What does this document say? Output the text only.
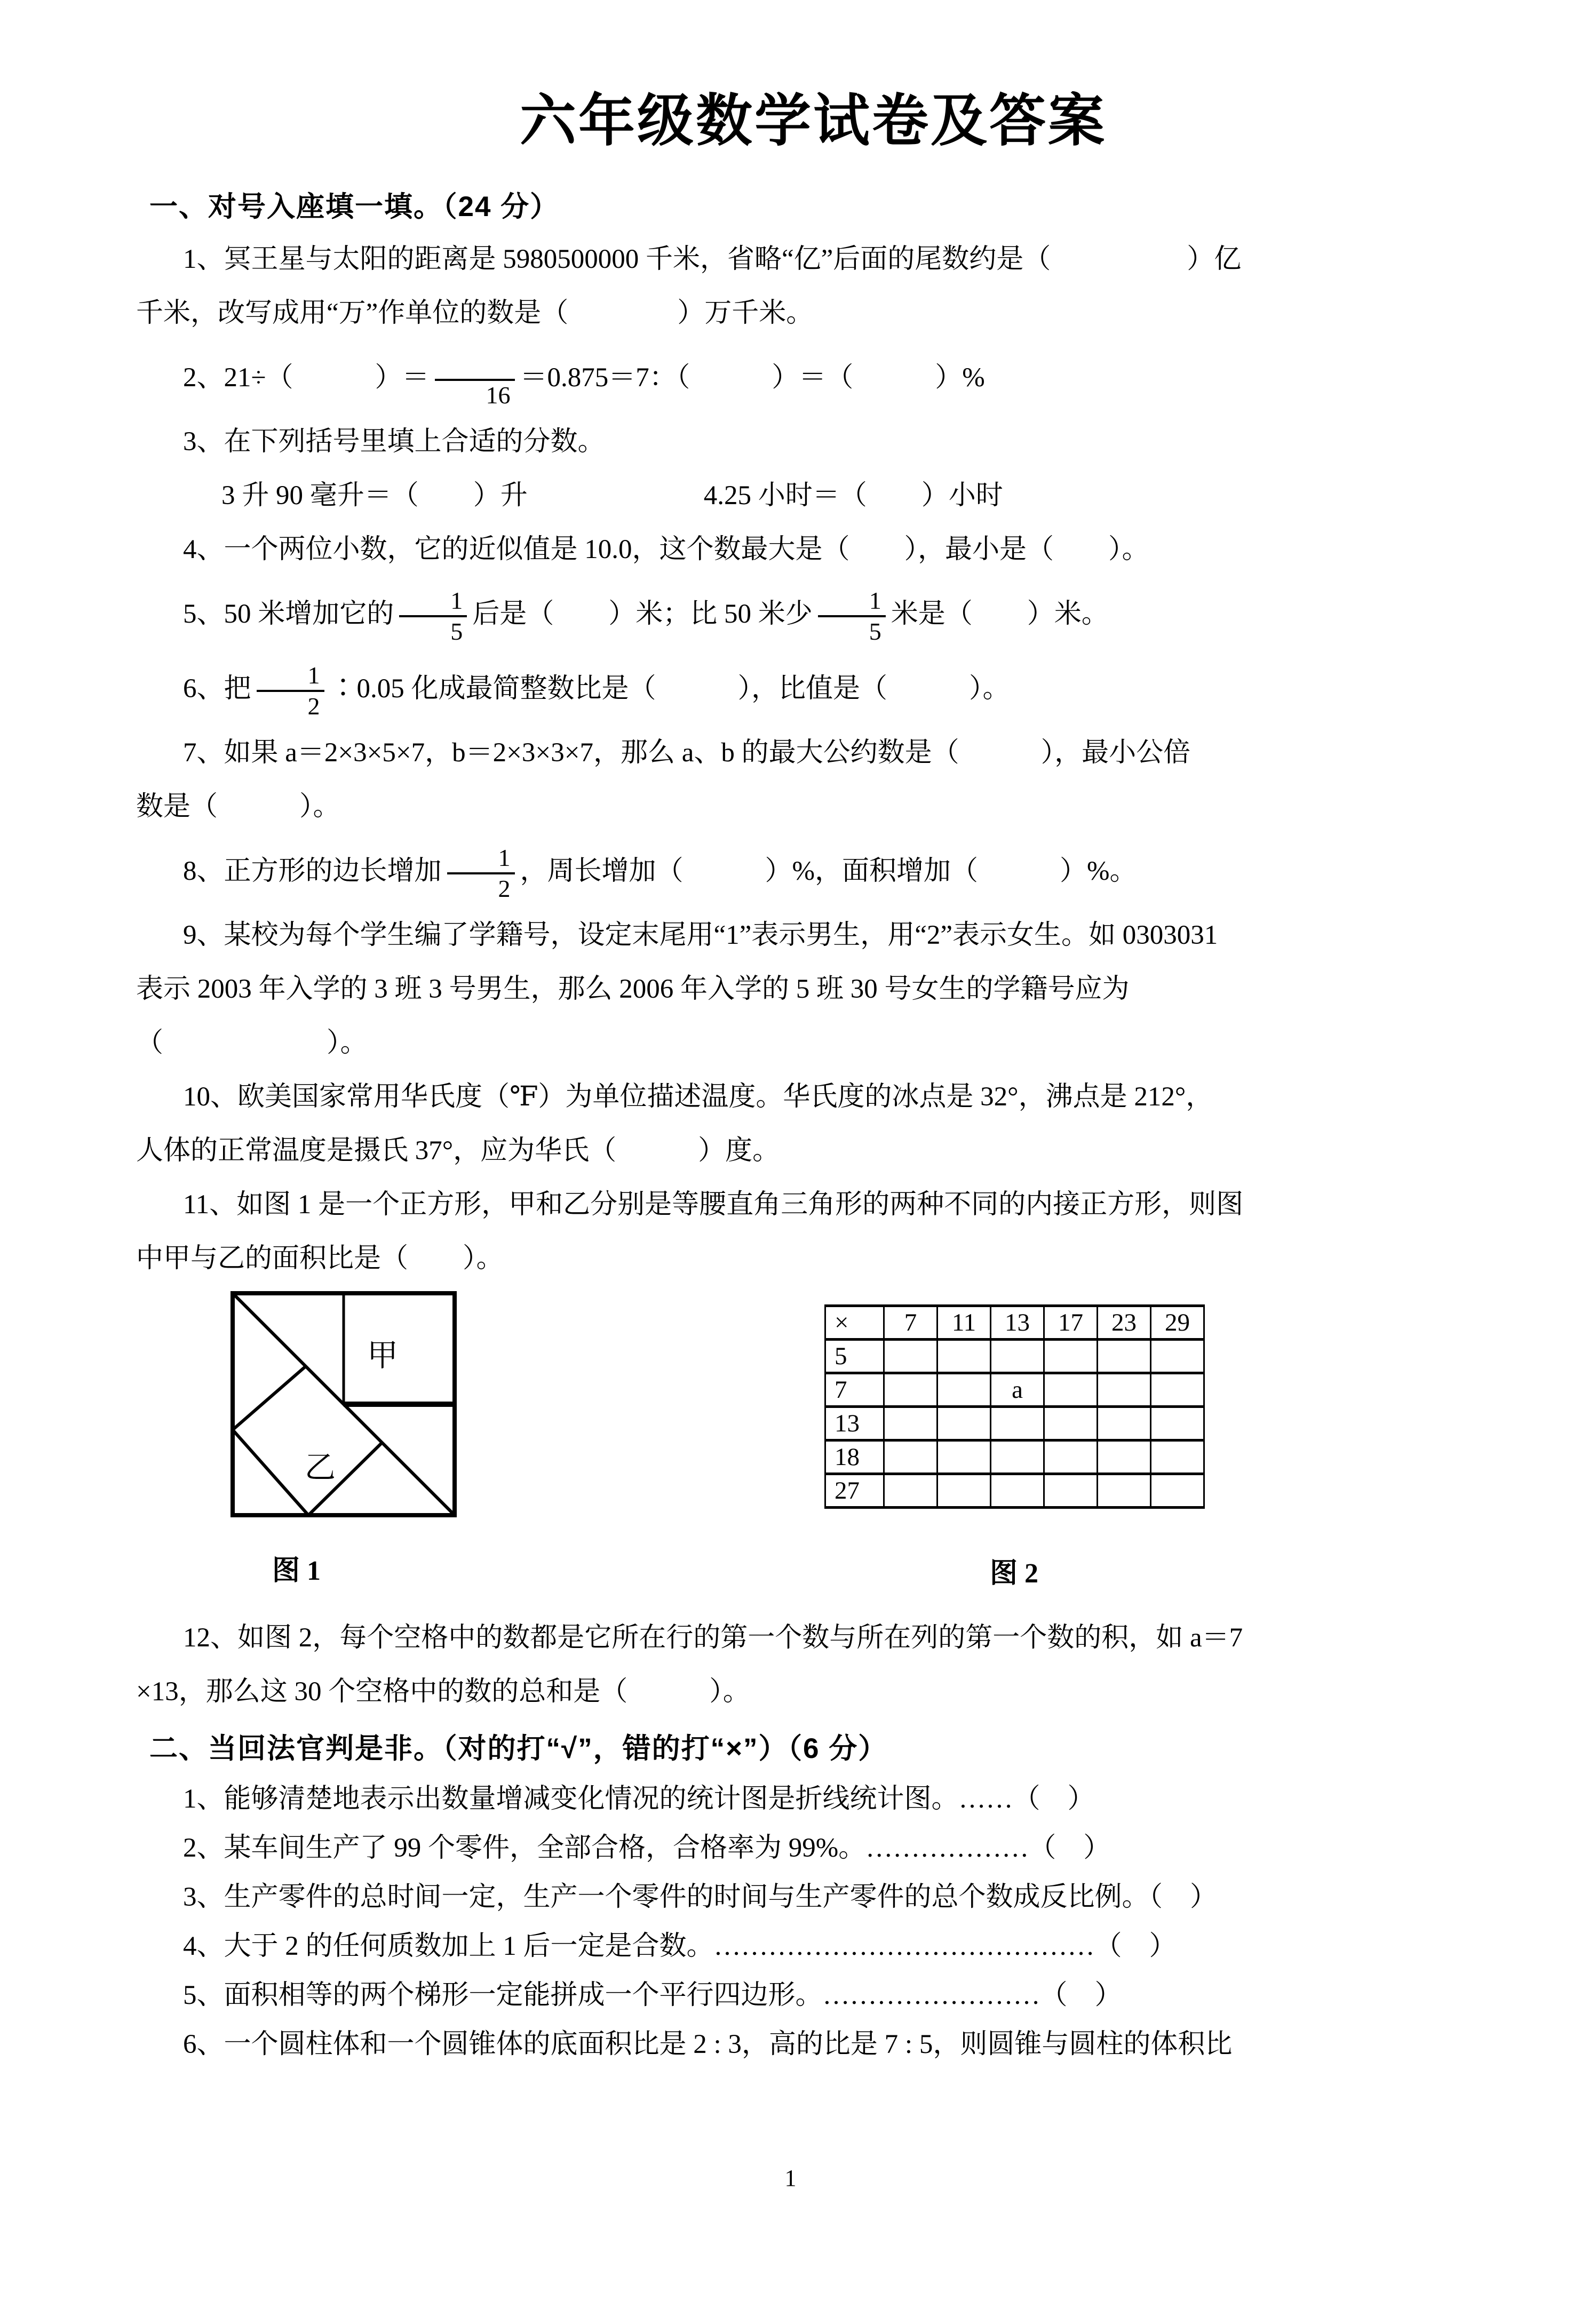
六年级数学试卷及答案
一、对号入座填一填。（24 分）
1、冥王星与太阳的距离是 5980500000 千米，省略“亿”后面的尾数约是（　　　　　）亿
千米，改写成用“万”作单位的数是（　　　　）万千米。
2、21÷（　　　）＝

16
＝0.875＝7：（　　　）＝（　　　）%
3、在下列括号里填上合适的分数。
3 升 90 毫升＝（　　）升	4.25 小时＝（　　）小时
4、一个两位小数，它的近似值是 10.0，这个数最大是（　　），最小是（　　）。
5、50 米增加它的 $\frac{1}{5}$ 后是（　　）米；比 50 米少 $\frac{1}{5}$ 米是（　　）米。
6、把 $\frac{1}{2}$ ∶0.05 化成最简整数比是（　　　），比值是（　　　）。
7、如果 a＝2×3×5×7，b＝2×3×3×7，那么 a、b 的最大公约数是（　　　），最小公倍
数是（　　　）。
8、正方形的边长增加 $\frac{1}{2}$ ，周长增加（　　　）%，面积增加（　　　）%。
9、某校为每个学生编了学籍号，设定末尾用“1”表示男生，用“2”表示女生。如 0303031
表示 2003 年入学的 3 班 3 号男生，那么 2006 年入学的 5 班 30 号女生的学籍号应为
（　　　　　　）。
10、欧美国家常用华氏度（℉）为单位描述温度。华氏度的冰点是 32°，沸点是 212°，
人体的正常温度是摄氏 37°，应为华氏（　　　）度。
11、如图 1 是一个正方形，甲和乙分别是等腰直角三角形的两种不同的内接正方形，则图
中甲与乙的面积比是（　　）。
甲
乙
图 1
×	7	11	13	17	23	29
5						
7			a			
13						
18						
27						
图 2
12、如图 2，每个空格中的数都是它所在行的第一个数与所在列的第一个数的积，如 a＝7
×13，那么这 30 个空格中的数的总和是（　　　）。
二、当回法官判是非。（对的打“√”，错的打“×”）（6 分）
1、能够清楚地表示出数量增减变化情况的统计图是折线统计图。……（　）
2、某车间生产了 99 个零件，全部合格，合格率为 99%。………………（　）
3、生产零件的总时间一定，生产一个零件的时间与生产零件的总个数成反比例。（　）
4、大于 2 的任何质数加上 1 后一定是合数。……………………………………（　）
5、面积相等的两个梯形一定能拼成一个平行四边形。……………………（　）
6、一个圆柱体和一个圆锥体的底面积比是 2 : 3，高的比是 7 : 5，则圆锥与圆柱的体积比
1
